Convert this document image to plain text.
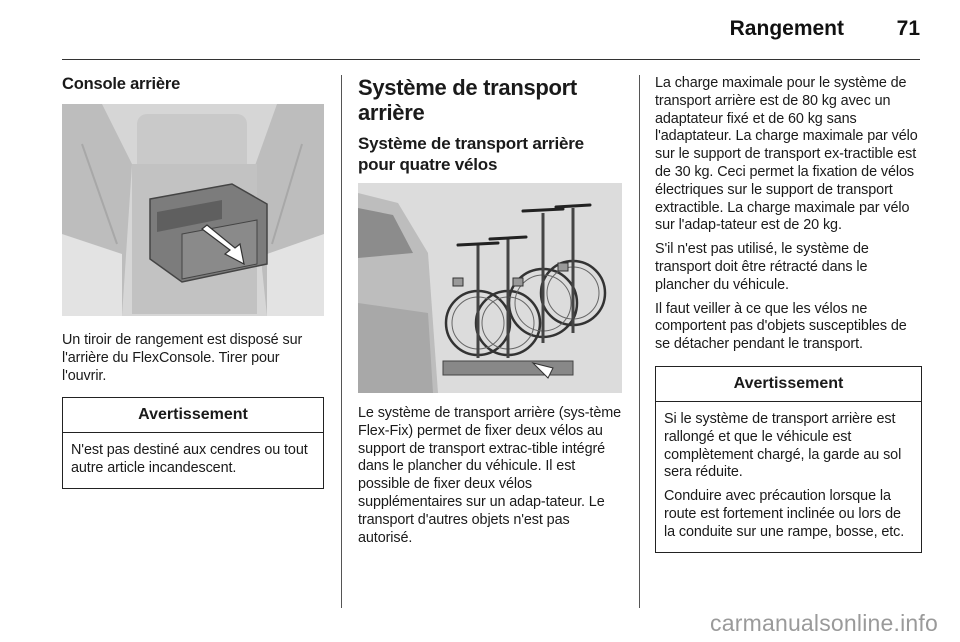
Rangement	71
Console arrière

Un tiroir de rangement est disposé sur l'arrière du FlexConsole. Tirer pour l'ouvrir.

Avertissement

N'est pas destiné aux cendres ou tout autre article incandescent.

Système de transport arrière
Système de transport arrière pour quatre vélos

Le système de transport arrière (sys-tème Flex-Fix) permet de fixer deux vélos au support de transport extrac-tible intégré dans le plancher du véhicule. Il est possible de fixer deux vélos supplémentaires sur un adap-tateur. Le transport d'autres objets n'est pas autorisé.

La charge maximale pour le système de transport arrière est de 80 kg avec un adaptateur fixé et de 60 kg sans l'adaptateur. La charge maximale par vélo sur le support de transport ex-tractible est de 30 kg. Ceci permet la fixation de vélos électriques sur le support de transport extractible. La charge maximale par vélo sur l'adap-tateur est de 20 kg.

S'il n'est pas utilisé, le système de transport doit être rétracté dans le plancher du véhicule.

Il faut veiller à ce que les vélos ne comportent pas d'objets susceptibles de se détacher pendant le transport.

Avertissement

Si le système de transport arrière est rallongé et que le véhicule est complètement chargé, la garde au sol sera réduite.

Conduire avec précaution lorsque la route est fortement inclinée ou lors de la conduite sur une rampe, bosse, etc.

carmanualsonline.info
